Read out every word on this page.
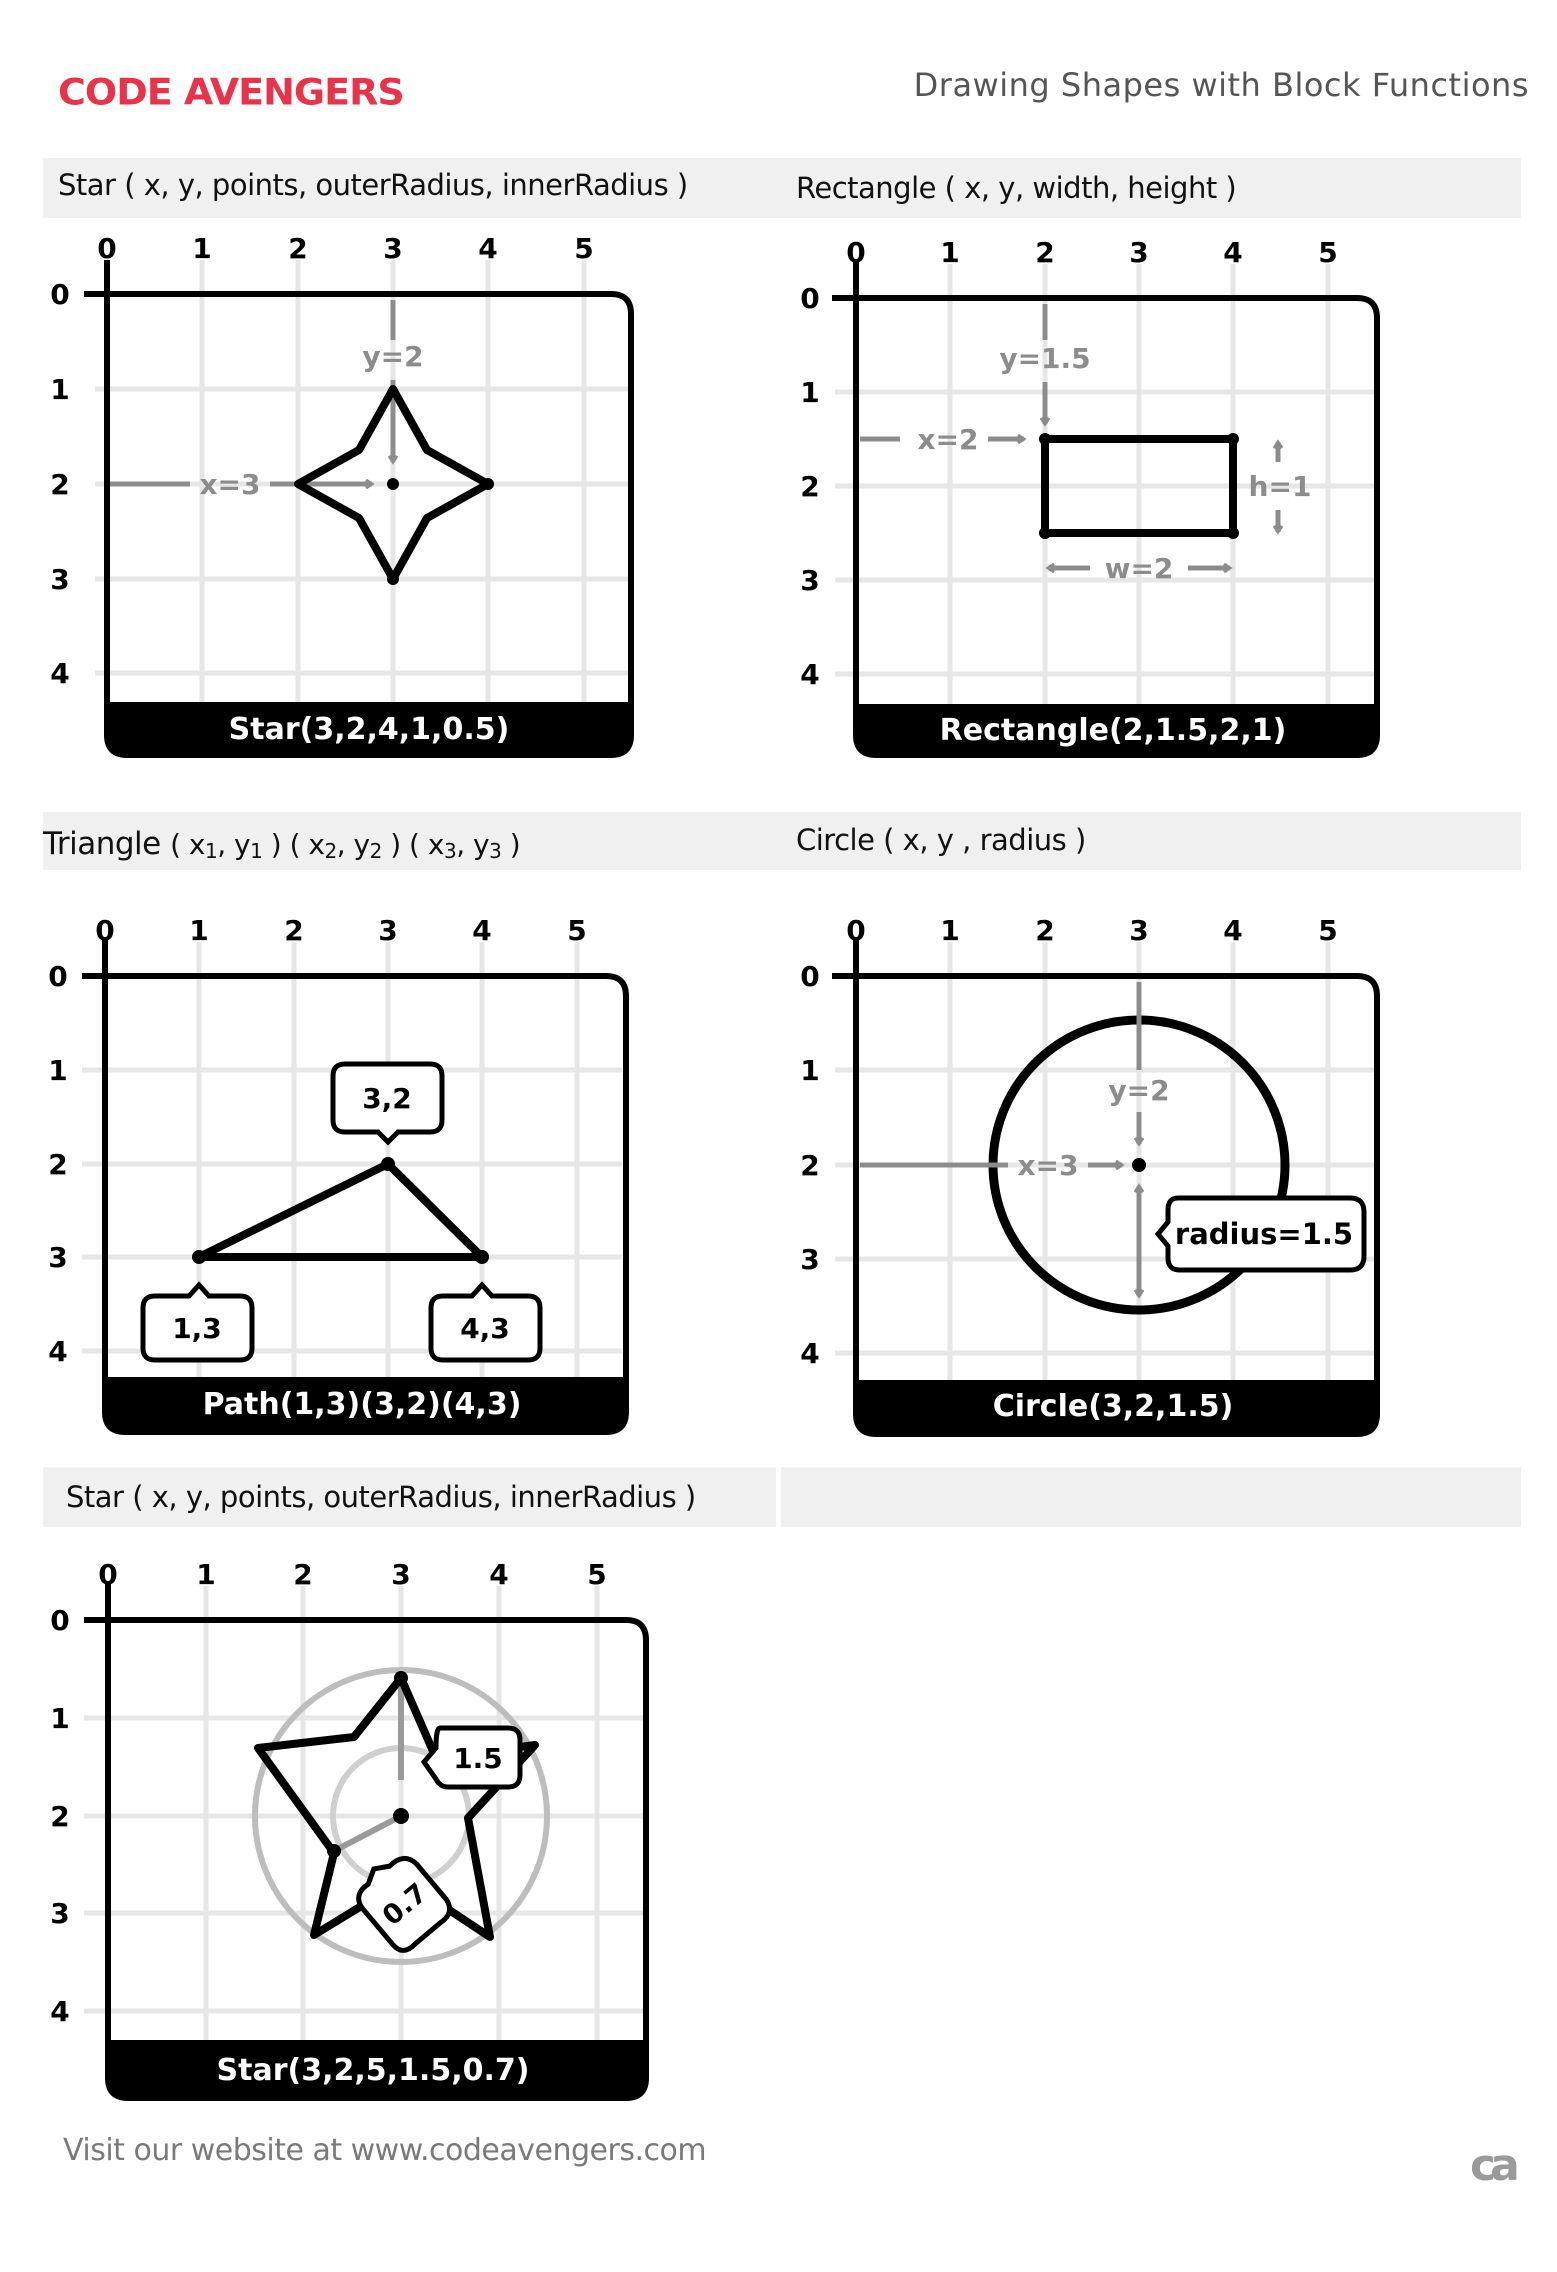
CODE AVENGERS	Drawing Shapes with Block Functions
Star ( x, y, points, outerRadius, innerRadius )	Rectangle ( x, y, width, height )
Triangle ( $x_1$, $y_1$ ) ( $x_2$, $y_2$ ) ( $x_3$, $y_3$ )	Circle ( x, y , radius )
Star ( x, y, points, outerRadius, innerRadius )
Star(3,2,4,1,0.5)
0	1	2	3	4	5
0
1
2
3
4
y=2
x=3
Rectangle(2,1.5,2,1)
0	1	2	3	4	5
0
1
2
3
4
y=1.5
x=2
h=1
w=2
Path(1,3)(3,2)(4,3)
0	1	2	3	4	5
0
1
2
3
4
3,2
1,3	4,3
Circle(3,2,1.5)
0	1	2	3	4	5
0
1
2
3
4
y=2
x=3
radius=1.5
Star(3,2,5,1.5,0.7)
0	1	2	3	4	5
0
1
2
3
4
1.5
0.7
Visit our website at www.codeavengers.com	ca
